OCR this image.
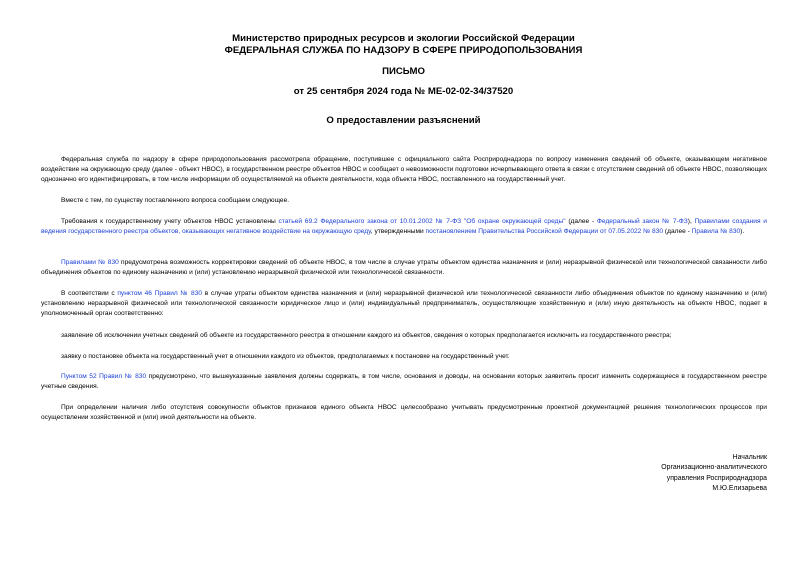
Министерство природных ресурсов и экологии Российской Федерации
ФЕДЕРАЛЬНАЯ СЛУЖБА ПО НАДЗОРУ В СФЕРЕ ПРИРОДОПОЛЬЗОВАНИЯ
ПИСЬМО
от 25 сентября 2024 года № МЕ-02-02-34/37520
О предоставлении разъяснений

Федеральная служба по надзору в сфере природопользования рассмотрела обращение, поступившее с официального сайта Росприроднадзора по вопросу изменения сведений об объекте, оказывающем негативное воздействие на окружающую среду (далее - объект НВОС), в государственном реестре объектов НВОС и сообщает о невозможности подготовки исчерпывающего ответа в связи с отсутствием сведений об объекте НВОС, позволяющих однозначно его идентифицировать, в том числе информации об осуществляемой на объекте деятельности, кода объекта НВОС, поставленного на государственный учет.

Вместе с тем, по существу поставленного вопроса сообщаем следующее.

Требования к государственному учету объектов НВОС установлены статьей 69.2 Федерального закона от 10.01.2002 № 7-ФЗ "Об охране окружающей среды" (далее - Федеральный закон № 7-ФЗ), Правилами создания и ведения государственного реестра объектов, оказывающих негативное воздействие на окружающую среду, утвержденными постановлением Правительства Российской Федерации от 07.05.2022 № 830 (далее - Правила № 830).

Правилами № 830 предусмотрена возможность корректировки сведений об объекте НВОС, в том числе в случае утраты объектом единства назначения и (или) неразрывной физической или технологической связанности либо объединения объектов по единому назначению и (или) установлению неразрывной физической или технологической связанности.

В соответствии с пунктом 46 Правил № 830 в случае утраты объектом единства назначения и (или) неразрывной физической или технологической связанности либо объединения объектов по единому назначению и (или) установлению неразрывной физической или технологической связанности юридическое лицо и (или) индивидуальный предприниматель, осуществляющие хозяйственную и (или) иную деятельность на объекте НВОС, подает в уполномоченный орган соответственно:

заявление об исключении учетных сведений об объекте из государственного реестра в отношении каждого из объектов, сведения о которых предполагается исключить из государственного реестра;

заявку о постановке объекта на государственный учет в отношении каждого из объектов, предполагаемых к постановке на государственный учет.

Пунктом 52 Правил № 830 предусмотрено, что вышеуказанные заявления должны содержать, в том числе, основания и доводы, на основании которых заявитель просит изменить содержащиеся в государственном реестре учетные сведения.

При определении наличия либо отсутствия совокупности объектов признаков единого объекта НВОС целесообразно учитывать предусмотренные проектной документацией решения технологических процессов при осуществлении хозяйственной и (или) иной деятельности на объекте.

Начальник
Организационно-аналитического
управления Росприроднадзора
М.Ю.Елизарьева
